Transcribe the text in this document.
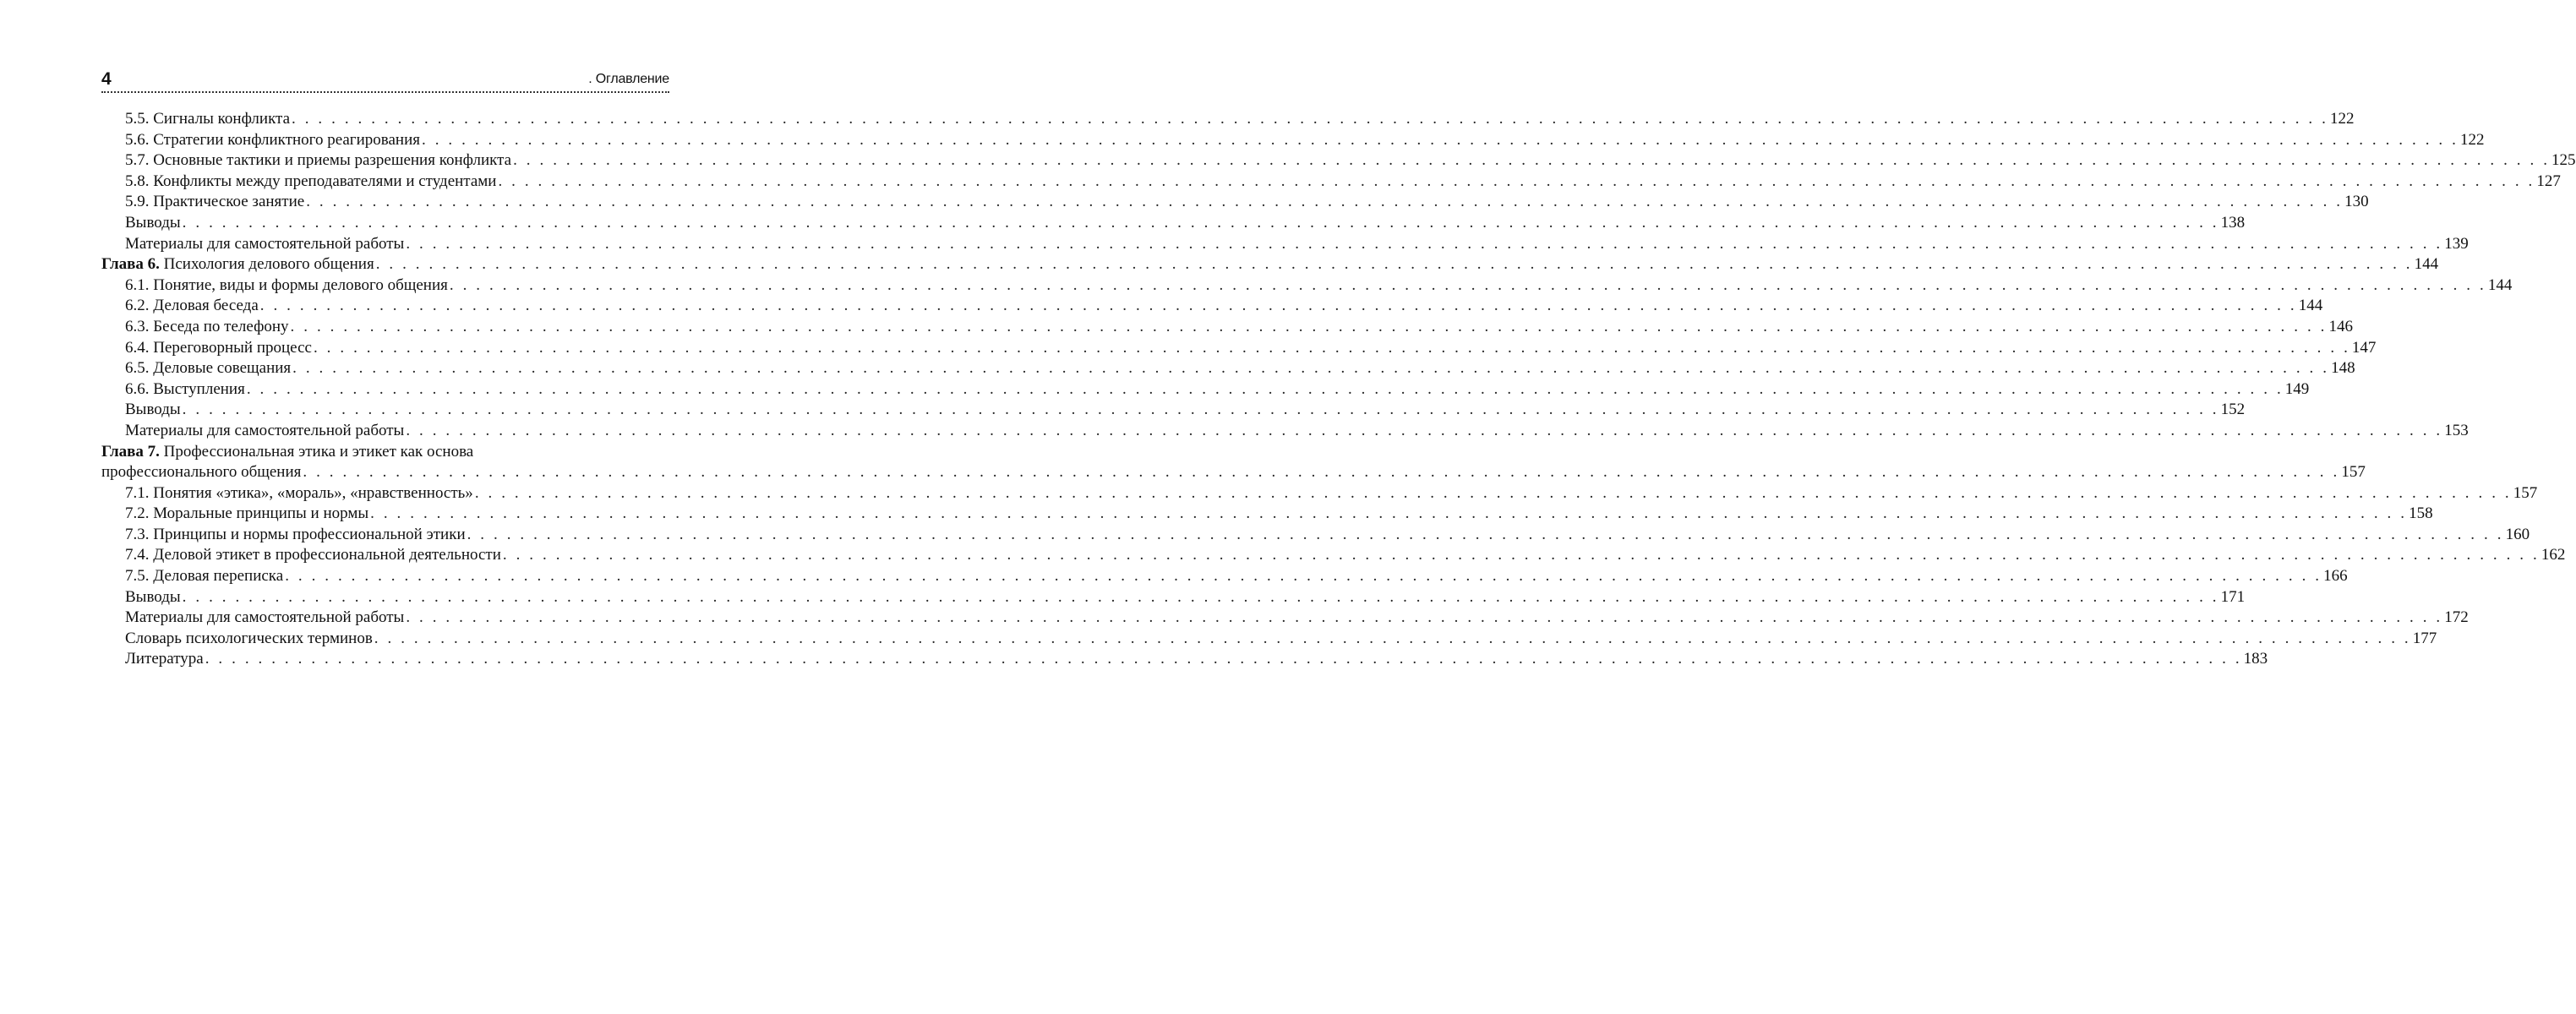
4	. Оглавление
5.5. Сигналы конфликта . . .	122
5.6. Стратегии конфликтного реагирования . . .	122
5.7. Основные тактики и приемы разрешения конфликта . . .	125
5.8. Конфликты между преподавателями и студентами . . .	127
5.9. Практическое занятие . . .	130
Выводы . . .	138
Материалы для самостоятельной работы . . .	139
Глава 6. Психология делового общения . . .	144
6.1. Понятие, виды и формы делового общения . . .	144
6.2. Деловая беседа . . .	144
6.3. Беседа по телефону . . .	146
6.4. Переговорный процесс . . .	147
6.5. Деловые совещания . . .	148
6.6. Выступления . . .	149
Выводы . . .	152
Материалы для самостоятельной работы . . .	153
Глава 7. Профессиональная этика и этикет как основа
профессионального общения . . .	157
7.1. Понятия «этика», «мораль», «нравственность» . . .	157
7.2. Моральные принципы и нормы . . .	158
7.3. Принципы и нормы профессиональной этики . . .	160
7.4. Деловой этикет в профессиональной деятельности . . .	162
7.5. Деловая переписка . . .	166
Выводы . . .	171
Материалы для самостоятельной работы . . .	172
Словарь психологических терминов . . .	177
Литература . . .	183
